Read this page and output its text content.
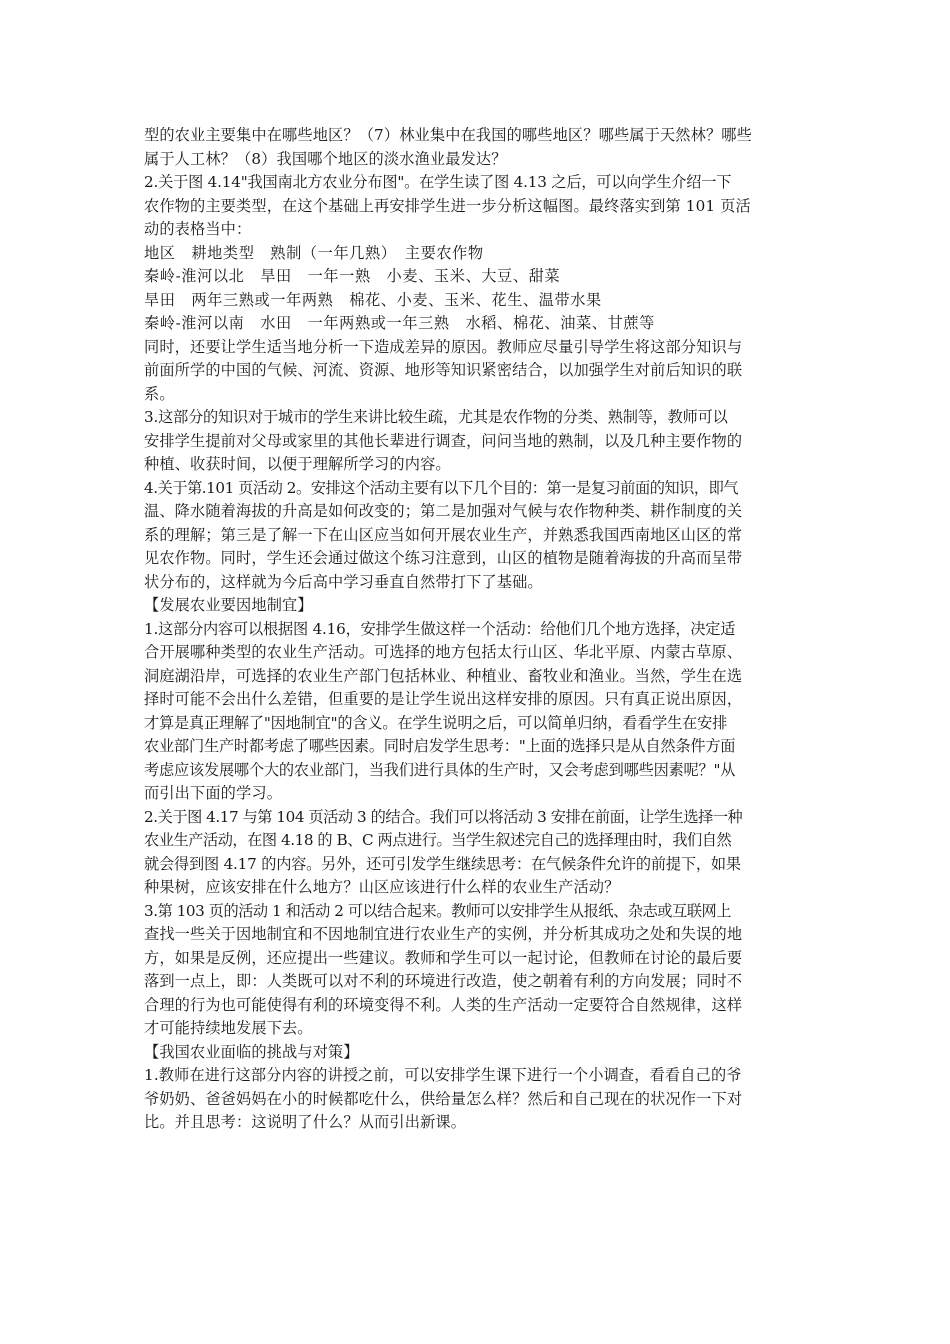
型的农业主要集中在哪些地区？（7）林业集中在我国的哪些地区？哪些属于天然林？哪些
属于人工林？（8）我国哪个地区的淡水渔业最发达？
2.关于图 4.14"我国南北方农业分布图"。在学生读了图 4.13 之后，可以向学生介绍一下
农作物的主要类型，在这个基础上再安排学生进一步分析这幅图。最终落实到第 101 页活
动的表格当中：
地区　耕地类型　熟制（一年几熟）　主要农作物
秦岭-淮河以北　旱田　一年一熟　小麦、玉米、大豆、甜菜
旱田　两年三熟或一年两熟　棉花、小麦、玉米、花生、温带水果
秦岭-淮河以南　水田　一年两熟或一年三熟　水稻、棉花、油菜、甘蔗等
同时，还要让学生适当地分析一下造成差异的原因。教师应尽量引导学生将这部分知识与
前面所学的中国的气候、河流、资源、地形等知识紧密结合，以加强学生对前后知识的联
系。
3.这部分的知识对于城市的学生来讲比较生疏，尤其是农作物的分类、熟制等，教师可以
安排学生提前对父母或家里的其他长辈进行调查，问问当地的熟制，以及几种主要作物的
种植、收获时间，以便于理解所学习的内容。
4.关于第.101 页活动 2。安排这个活动主要有以下几个目的：第一是复习前面的知识，即气
温、降水随着海拔的升高是如何改变的；第二是加强对气候与农作物种类、耕作制度的关
系的理解；第三是了解一下在山区应当如何开展农业生产，并熟悉我国西南地区山区的常
见农作物。同时，学生还会通过做这个练习注意到，山区的植物是随着海拔的升高而呈带
状分布的，这样就为今后高中学习垂直自然带打下了基础。
【发展农业要因地制宜】
1.这部分内容可以根据图 4.16，安排学生做这样一个活动：给他们几个地方选择，决定适
合开展哪种类型的农业生产活动。可选择的地方包括太行山区、华北平原、内蒙古草原、
洞庭湖沿岸，可选择的农业生产部门包括林业、种植业、畜牧业和渔业。当然，学生在选
择时可能不会出什么差错，但重要的是让学生说出这样安排的原因。只有真正说出原因，
才算是真正理解了"因地制宜"的含义。在学生说明之后，可以简单归纳，看看学生在安排
农业部门生产时都考虑了哪些因素。同时启发学生思考："上面的选择只是从自然条件方面
考虑应该发展哪个大的农业部门，当我们进行具体的生产时，又会考虑到哪些因素呢？"从
而引出下面的学习。
2.关于图 4.17 与第 104 页活动 3 的结合。我们可以将活动 3 安排在前面，让学生选择一种
农业生产活动，在图 4.18 的 B、C 两点进行。当学生叙述完自己的选择理由时，我们自然
就会得到图 4.17 的内容。另外，还可引发学生继续思考：在气候条件允许的前提下，如果
种果树，应该安排在什么地方？山区应该进行什么样的农业生产活动？
3.第 103 页的活动 1 和活动 2 可以结合起来。教师可以安排学生从报纸、杂志或互联网上
查找一些关于因地制宜和不因地制宜进行农业生产的实例，并分析其成功之处和失误的地
方，如果是反例，还应提出一些建议。教师和学生可以一起讨论，但教师在讨论的最后要
落到一点上，即：人类既可以对不利的环境进行改造，使之朝着有利的方向发展；同时不
合理的行为也可能使得有利的环境变得不利。人类的生产活动一定要符合自然规律，这样
才可能持续地发展下去。
【我国农业面临的挑战与对策】
1.教师在进行这部分内容的讲授之前，可以安排学生课下进行一个小调查，看看自己的爷
爷奶奶、爸爸妈妈在小的时候都吃什么，供给量怎么样？然后和自己现在的状况作一下对
比。并且思考：这说明了什么？从而引出新课。
